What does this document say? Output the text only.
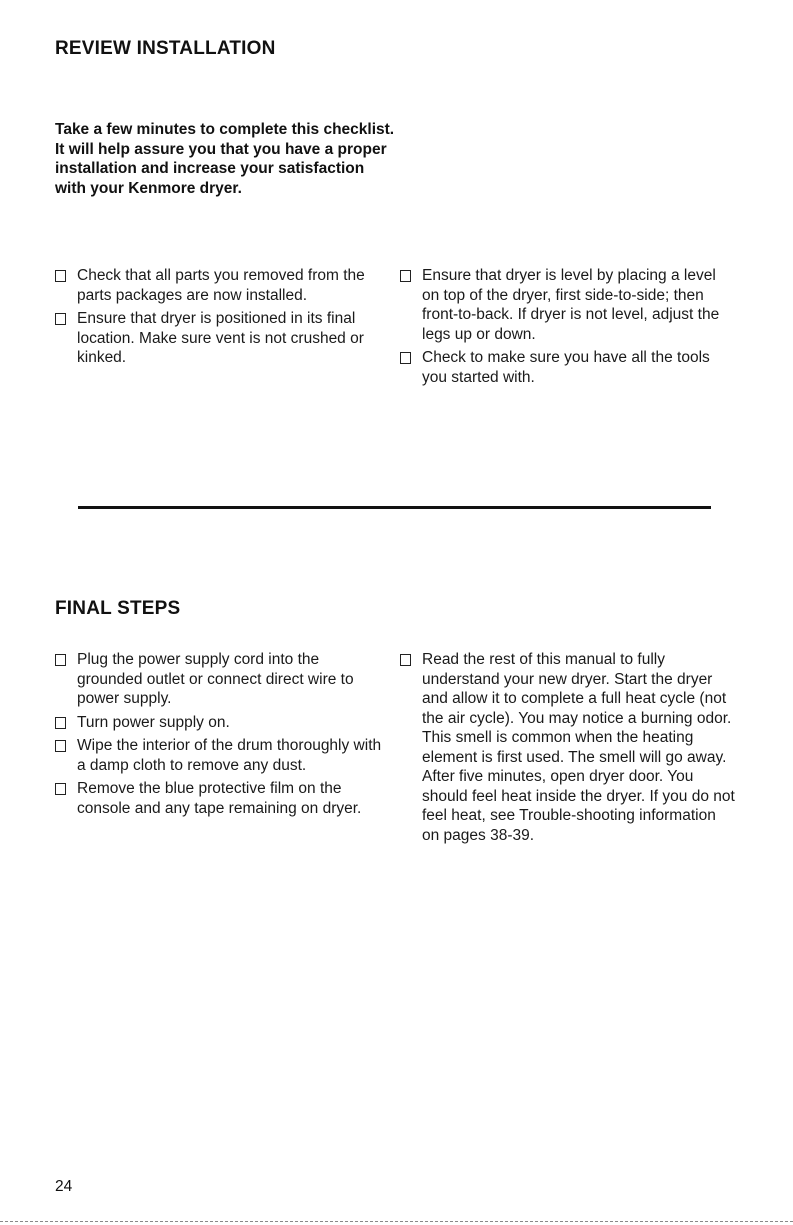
REVIEW INSTALLATION

Take a few minutes to complete this checklist. It will help assure you that you have a proper installation and increase your satisfaction with your Kenmore dryer.

Check that all parts you removed from the parts packages are now installed.
Ensure that dryer is positioned in its final location. Make sure vent is not crushed or kinked.
Ensure that dryer is level by placing a level on top of the dryer, first side-to-side; then front-to-back. If dryer is not level, adjust the legs up or down.
Check to make sure you have all the tools you started with.
FINAL STEPS
Plug the power supply cord into the grounded outlet or connect direct wire to power supply.
Turn power supply on.
Wipe the interior of the drum thoroughly with a damp cloth to remove any dust.
Remove the blue protective film on the console and any tape remaining on dryer.
Read the rest of this manual to fully understand your new dryer. Start the dryer and allow it to complete a full heat cycle (not the air cycle). You may notice a burning odor. This smell is common when the heating element is first used. The smell will go away. After five minutes, open dryer door. You should feel heat inside the dryer. If you do not feel heat, see Trouble-shooting information on pages 38-39.

24
